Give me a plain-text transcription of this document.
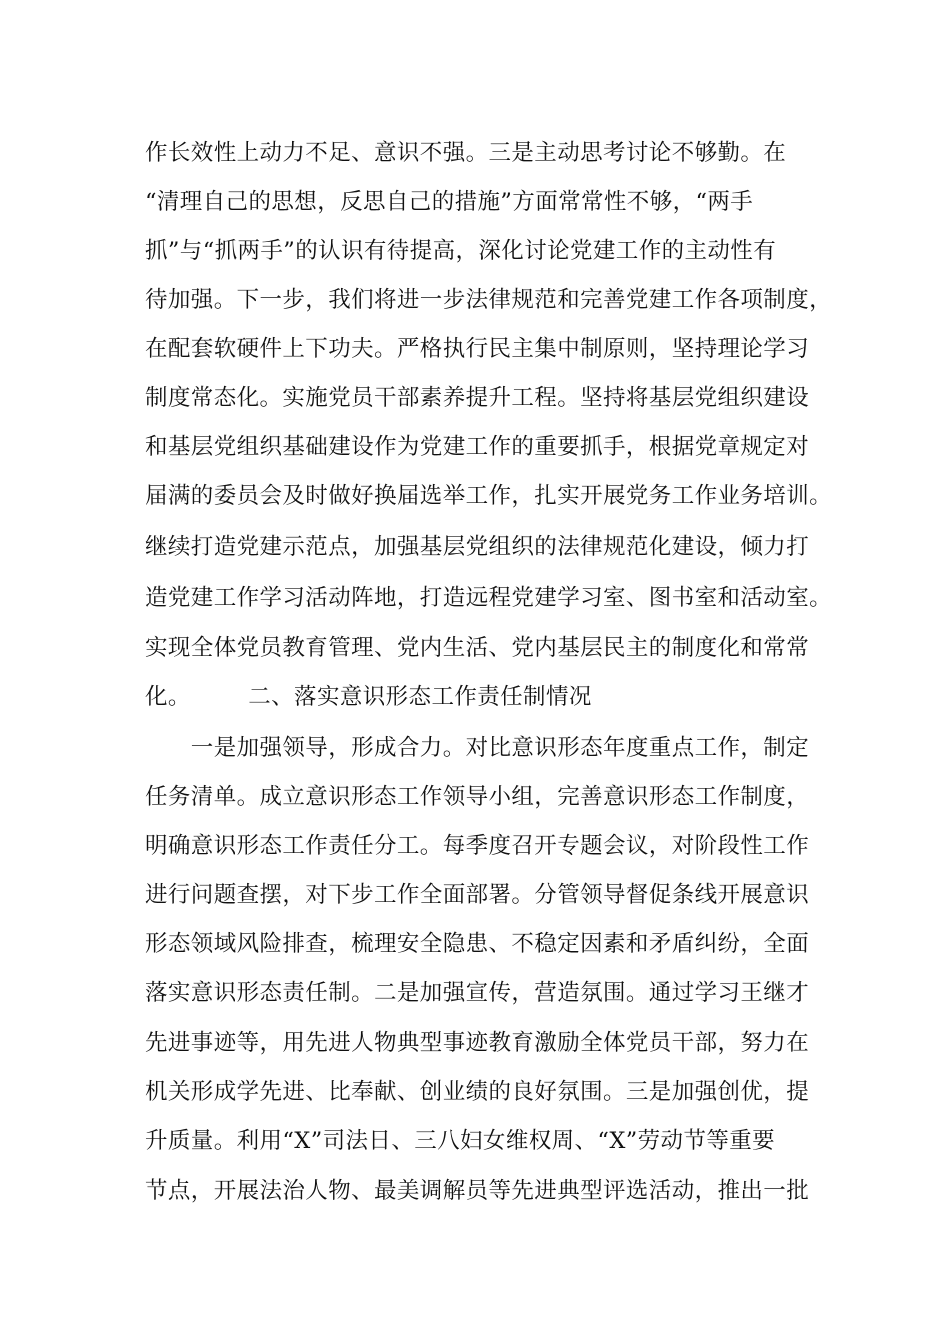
作长效性上动力不足、意识不强。三是主动思考讨论不够勤。在
“清理自己的思想，反思自己的措施”方面常常性不够，“两手
抓”与“抓两手”的认识有待提高，深化讨论党建工作的主动性有
待加强。下一步，我们将进一步法律规范和完善党建工作各项制度，
在配套软硬件上下功夫。严格执行民主集中制原则，坚持理论学习
制度常态化。实施党员干部素养提升工程。坚持将基层党组织建设
和基层党组织基础建设作为党建工作的重要抓手，根据党章规定对
届满的委员会及时做好换届选举工作，扎实开展党务工作业务培训。
继续打造党建示范点，加强基层党组织的法律规范化建设，倾力打
造党建工作学习活动阵地，打造远程党建学习室、图书室和活动室。
实现全体党员教育管理、党内生活、党内基层民主的制度化和常常
化。　　　二、落实意识形态工作责任制情况
　　一是加强领导，形成合力。对比意识形态年度重点工作，制定
任务清单。成立意识形态工作领导小组，完善意识形态工作制度，
明确意识形态工作责任分工。每季度召开专题会议，对阶段性工作
进行问题查摆，对下步工作全面部署。分管领导督促条线开展意识
形态领域风险排查，梳理安全隐患、不稳定因素和矛盾纠纷，全面
落实意识形态责任制。二是加强宣传，营造氛围。通过学习王继才
先进事迹等，用先进人物典型事迹教育激励全体党员干部，努力在
机关形成学先进、比奉献、创业绩的良好氛围。三是加强创优，提
升质量。利用“X”司法日、三八妇女维权周、“X”劳动节等重要
节点，开展法治人物、最美调解员等先进典型评选活动，推出一批
